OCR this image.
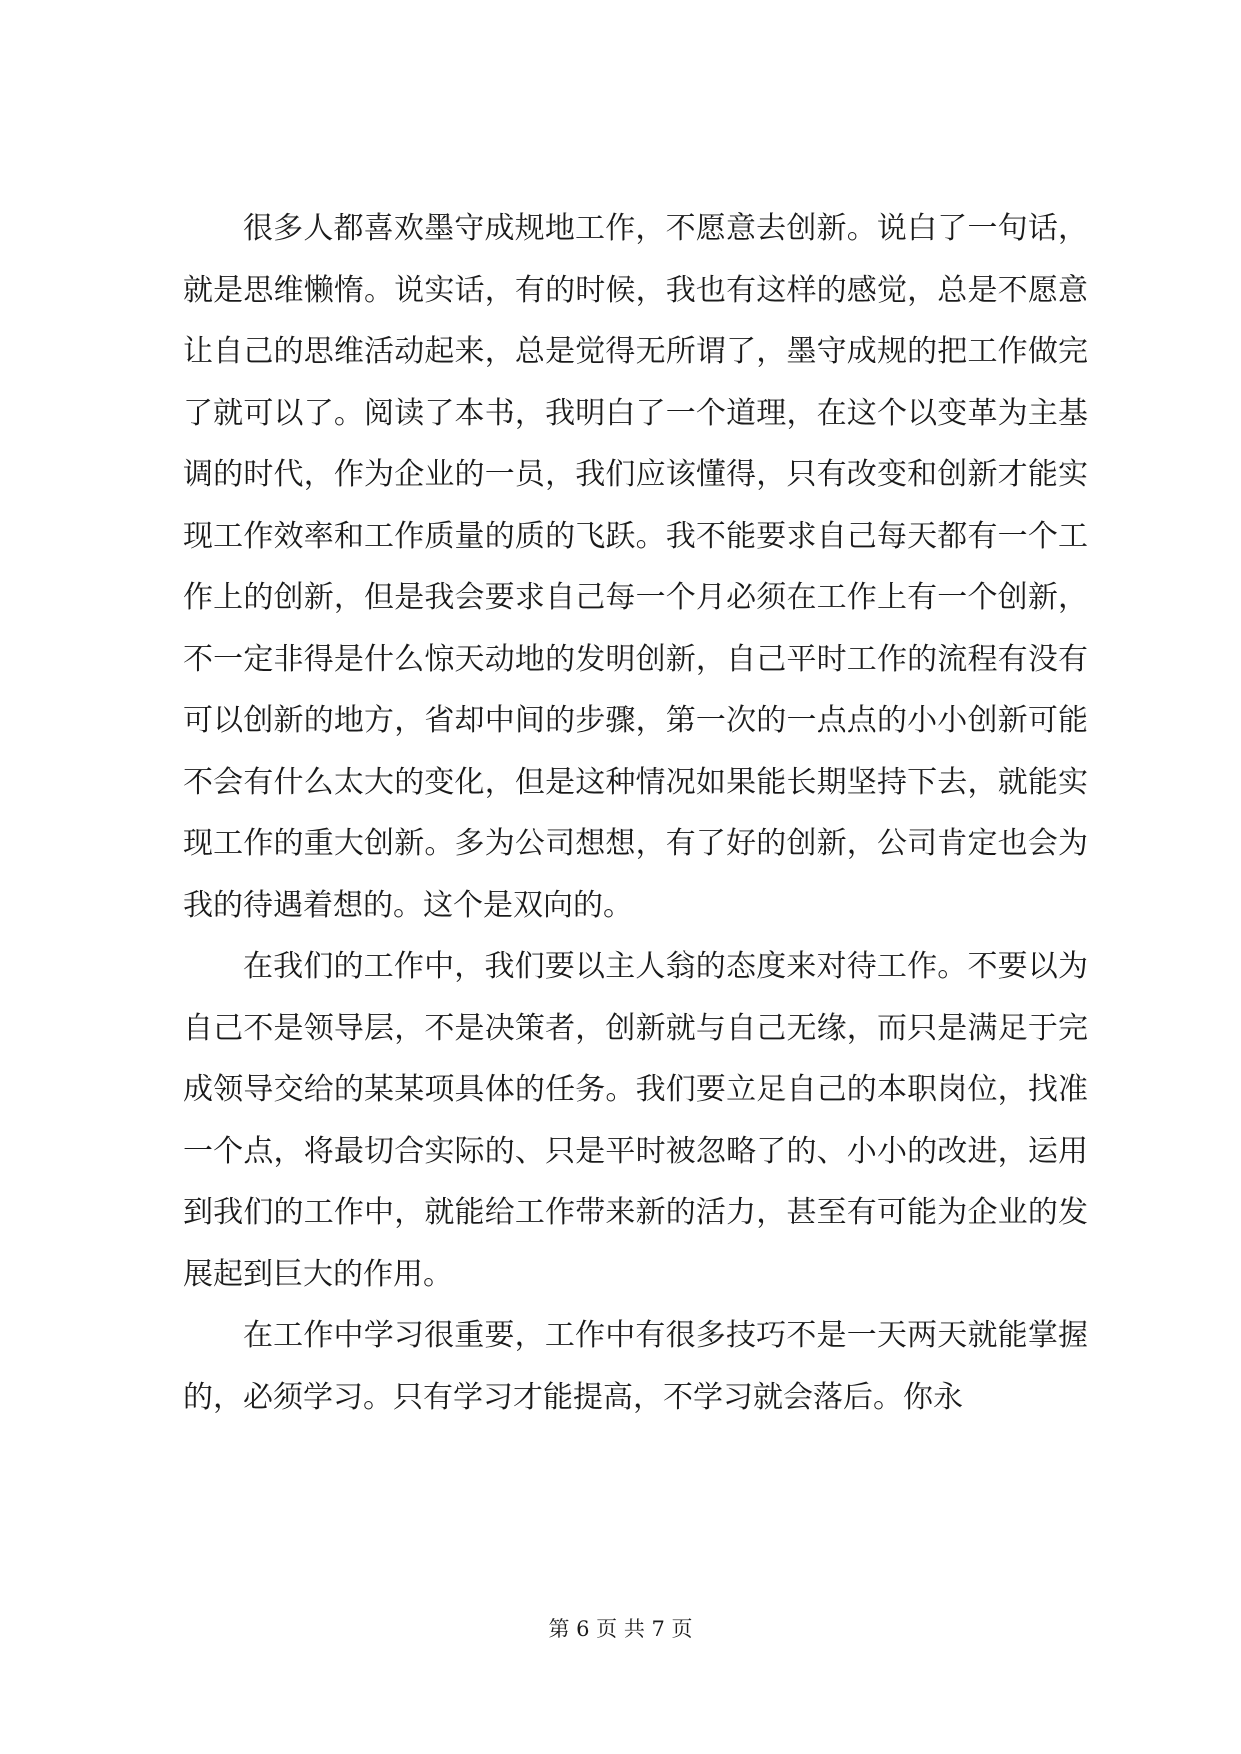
很多人都喜欢墨守成规地工作，不愿意去创新。说白了一句话，就是思维懒惰。说实话，有的时候，我也有这样的感觉，总是不愿意让自己的思维活动起来，总是觉得无所谓了，墨守成规的把工作做完了就可以了。阅读了本书，我明白了一个道理，在这个以变革为主基调的时代，作为企业的一员，我们应该懂得，只有改变和创新才能实现工作效率和工作质量的质的飞跃。我不能要求自己每天都有一个工作上的创新，但是我会要求自己每一个月必须在工作上有一个创新，不一定非得是什么惊天动地的发明创新，自己平时工作的流程有没有可以创新的地方，省却中间的步骤，第一次的一点点的小小创新可能不会有什么太大的变化，但是这种情况如果能长期坚持下去，就能实现工作的重大创新。多为公司想想，有了好的创新，公司肯定也会为我的待遇着想的。这个是双向的。

在我们的工作中，我们要以主人翁的态度来对待工作。不要以为自己不是领导层，不是决策者，创新就与自己无缘，而只是满足于完成领导交给的某某项具体的任务。我们要立足自己的本职岗位，找准一个点，将最切合实际的、只是平时被忽略了的、小小的改进，运用到我们的工作中，就能给工作带来新的活力，甚至有可能为企业的发展起到巨大的作用。

在工作中学习很重要，工作中有很多技巧不是一天两天就能掌握的，必须学习。只有学习才能提高，不学习就会落后。你永

第 6 页 共 7 页
